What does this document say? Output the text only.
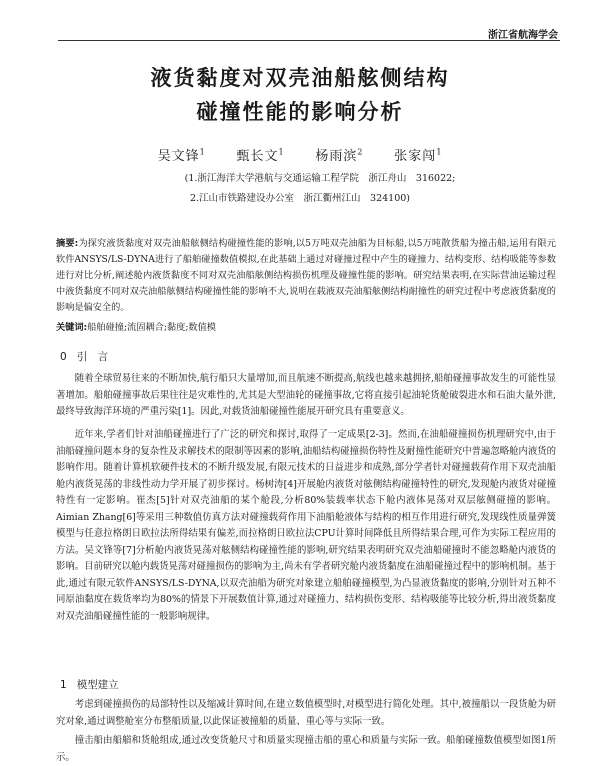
浙江省航海学会
液货黏度对双壳油船舷侧结构
碰撞性能的影响分析
吴文锋$^1$ 甄长文$^1$ 杨雨滨$^2$ 张家闯$^1$
(1.浙江海洋大学港航与交通运输工程学院　浙江舟山　316022;
2.江山市铁路建设办公室　浙江衢州江山　324100)
摘要:为探究液货黏度对双壳油船舷侧结构碰撞性能的影响,以5万吨双壳油船为目标船,以5万吨散货船为撞击船,运用有限元软件ANSYS/LS-DYNA进行了船舶碰撞数值模拟,在此基础上通过对碰撞过程中产生的碰撞力、结构变形、结构吸能等参数进行对比分析,阐述舱内液货黏度不同对双壳油船舷侧结构损伤机理及碰撞性能的影响。研究结果表明,在实际营油运输过程中液货黏度不同对双壳油船舷侧结构碰撞性能的影响不大,说明在载液双壳油船舷侧结构耐撞性的研究过程中考虑液货黏度的影响是偏安全的。
关键词:船舶碰撞;流固耦合;黏度;数值模
0 引　言
随着全球贸易往来的不断加快,航行船只大量增加,而且航速不断提高,航线也越来越拥挤,船舶碰撞事故发生的可能性显著增加。船舶碰撞事故后果往往是灾难性的,尤其是大型油轮的碰撞事故,它将直接引起油轮货舱破裂进水和石油大量外泄,最终导致海洋环境的严重污染[1]。因此,对载货油船碰撞性能展开研究具有重要意义。
近年来,学者们针对油船碰撞进行了广泛的研究和探讨,取得了一定成果[2-3]。然而,在油船碰撞损伤机理研究中,由于油船碰撞问题本身的复杂性及求解技术的限制等因素的影响,油船结构碰撞损伤特性及耐撞性能研究中普遍忽略舱内液货的影响作用。随着计算机软硬件技术的不断升级发展,有限元技术的日益进步和成熟,部分学者针对碰撞载荷作用下双壳油船舱内液货晃荡的非线性动力学开展了初步探讨。杨树涛[4]开展舱内液货对舷侧结构碰撞特性的研究,发现舱内液货对碰撞特性有一定影响。崔杰[5]针对双壳油船的某个舱段,分析80%装载率状态下舱内液体晃荡对双层舷侧碰撞的影响。Aimian Zhang[6]等采用三种数值仿真方法对碰撞载荷作用下油船舱液体与结构的相互作用进行研究,发现线性质量弹簧模型与任意拉格朗日欧拉法所得结果有偏差,而拉格朗日欧拉法CPU计算时间降低且所得结果合理,可作为实际工程应用的方法。吴文锋等[7]分析舱内液货晃荡对舷侧结构碰撞性能的影响,研究结果表明研究双壳油船碰撞时不能忽略舱内液货的影响。目前研究以舱内载货晃荡对碰撞损伤的影响为主,尚未有学者研究舱内液货黏度在油船碰撞过程中的影响机制。基于此,通过有限元软件ANSYS/LS-DYNA,以双壳油船为研究对象建立船舶碰撞模型,为凸显液货黏度的影响,分别针对五种不同原油黏度在载货率均为80%的情景下开展数值计算,通过对碰撞力、结构损伤变形、结构吸能等比较分析,得出液货黏度对双壳油船碰撞性能的一般影响规律。
1 模型建立
考虑到碰撞损伤的局部特性以及缩减计算时间,在建立数值模型时,对模型进行简化处理。其中,被撞船以一段货舱为研究对象,通过调整舱室分布整船质量,以此保证被撞船的质量、重心等与实际一致。
撞击船由船艏和货舱组成,通过改变货舱尺寸和质量实现撞击船的重心和质量与实际一致。船舶碰撞数值模型如图1所示。
